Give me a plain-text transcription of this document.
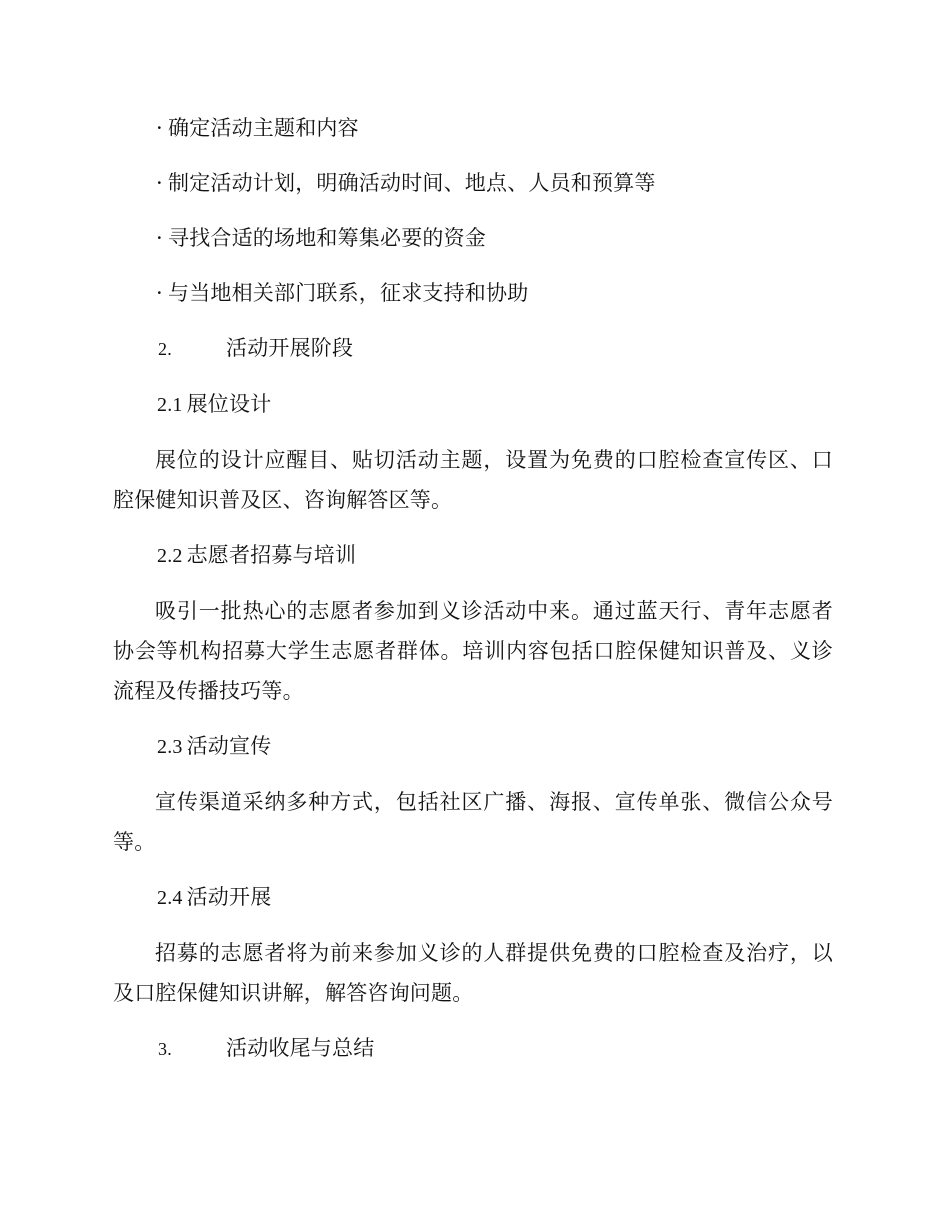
· 确定活动主题和内容

· 制定活动计划，明确活动时间、地点、人员和预算等

· 寻找合适的场地和筹集必要的资金

· 与当地相关部门联系，征求支持和协助

2.	活动开展阶段

2.1 展位设计

展位的设计应醒目、贴切活动主题，设置为免费的口腔检查宣传区、口腔保健知识普及区、咨询解答区等。

2.2 志愿者招募与培训

吸引一批热心的志愿者参加到义诊活动中来。通过蓝天行、青年志愿者协会等机构招募大学生志愿者群体。培训内容包括口腔保健知识普及、义诊流程及传播技巧等。

2.3 活动宣传

宣传渠道采纳多种方式，包括社区广播、海报、宣传单张、微信公众号等。

2.4 活动开展

招募的志愿者将为前来参加义诊的人群提供免费的口腔检查及治疗，以及口腔保健知识讲解，解答咨询问题。

3.	活动收尾与总结
